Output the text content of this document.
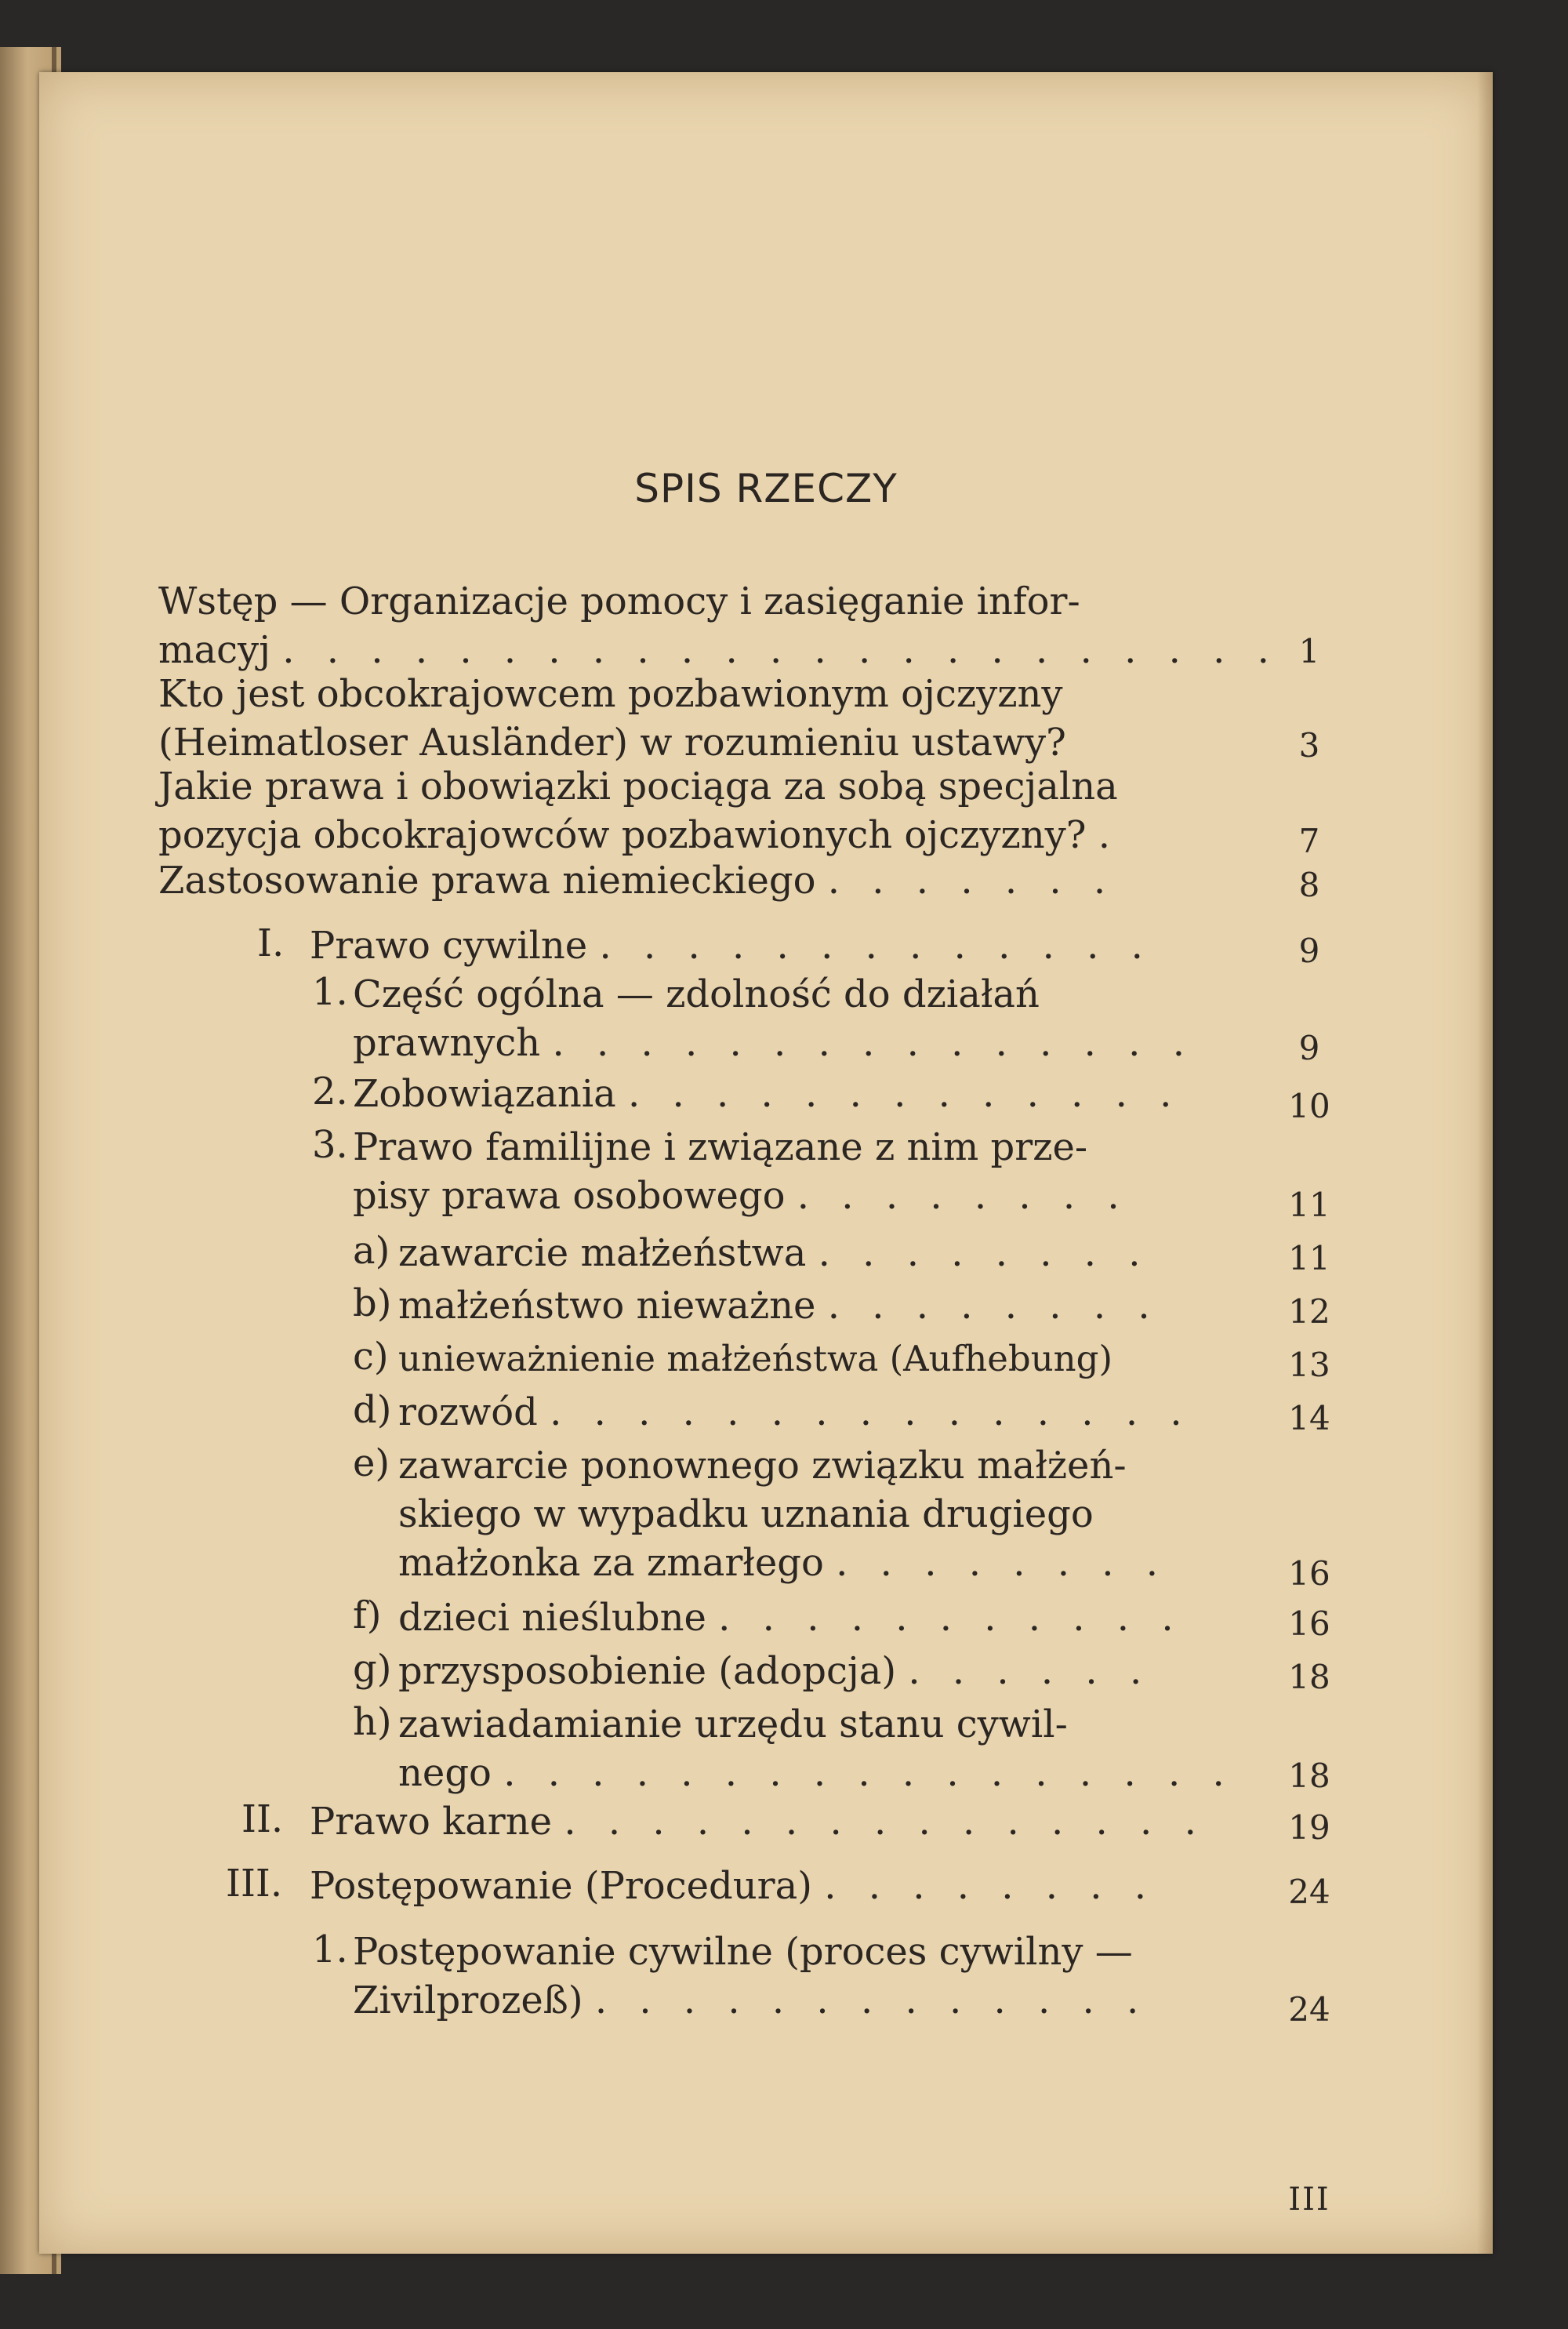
SPIS RZECZY
Wstęp — Organizacje pomocy i zasięganie infor-
macyj . . . . . . . . . . . . . . . . . . . . . . . 1
Kto jest obcokrajowcem pozbawionym ojczyzny
(Heimatloser Ausländer) w rozumieniu ustawy?	3
Jakie prawa i obowiązki pociąga za sobą specjalna
pozycja obcokrajowców pozbawionych ojczyzny? .	7
Zastosowanie prawa niemieckiego . . . . . . .	8
I. Prawo cywilne . . . . . . . . . . . . .	9
1. Część ogólna — zdolność do działań
prawnych . . . . . . . . . . . . . . .	9
2. Zobowiązania . . . . . . . . . . . . .	10
3. Prawo familijne i związane z nim prze-
pisy prawa osobowego . . . . . . . .	11
a) zawarcie małżeństwa . . . . . . . .	11
b) małżeństwo nieważne . . . . . . . .	12
c) unieważnienie małżeństwa (Aufhebung)	13
d) rozwód . . . . . . . . . . . . . . .	14
e) zawarcie ponownego związku małżeń-
skiego w wypadku uznania drugiego
małżonka za zmarłego . . . . . . . .	16
f) dzieci nieślubne . . . . . . . . . . .	16
g) przysposobienie (adopcja) . . . . . .	18
h) zawiadamianie urzędu stanu cywil-
nego . . . . . . . . . . . . . . . . .	18
II. Prawo karne . . . . . . . . . . . . . . .	19
III. Postępowanie (Procedura) . . . . . . . .	24
1. Postępowanie cywilne (proces cywilny —
Zivilprozeß) . . . . . . . . . . . . .	24
III
